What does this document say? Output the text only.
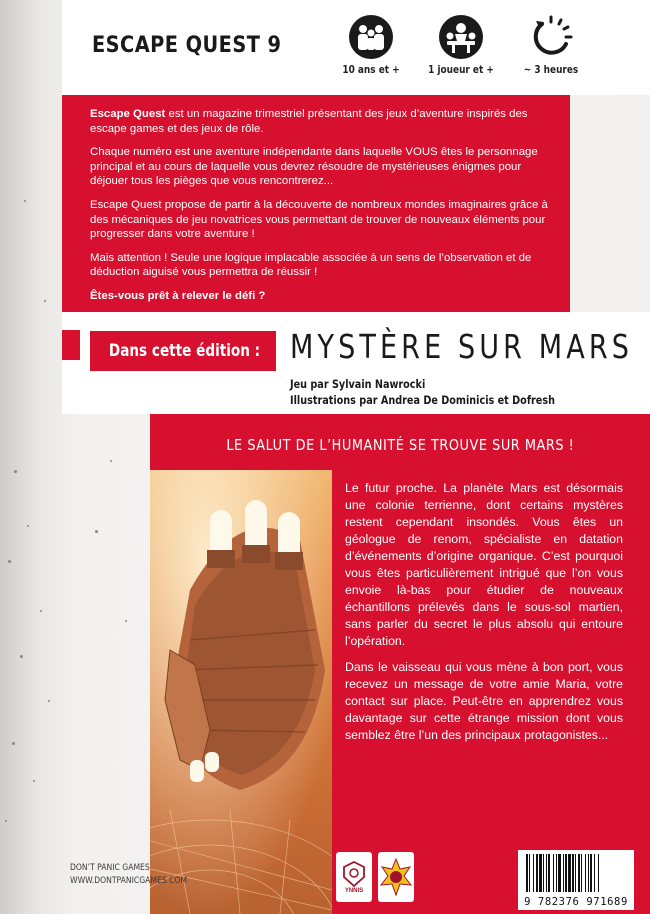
ESCAPE QUEST 9
10 ans et +	1 joueur et +	~ 3 heures

Escape Quest est un magazine trimestriel présentant des jeux d’aventure inspirés des escape games et des jeux de rôle.

Chaque numéro est une aventure indépendante dans laquelle VOUS êtes le personnage principal et au cours de laquelle vous devrez résoudre de mystérieuses énigmes pour déjouer tous les pièges que vous rencontrerez...

Escape Quest propose de partir à la découverte de nombreux mondes imaginaires grâce à des mécaniques de jeu novatrices vous permettant de trouver de nouveaux éléments pour progresser dans votre aventure !

Mais attention ! Seule une logique implacable associée à un sens de l’observation et de déduction aiguisé vous permettra de réussir !

Êtes-vous prêt à relever le défi ?

Dans cette édition : MYSTÈRE SUR MARS
Jeu par Sylvain Nawrocki
Illustrations par Andrea De Dominicis et Dofresh
LE SALUT DE L’HUMANITÉ SE TROUVE SUR MARS !

Le futur proche. La planète Mars est désormais une colonie terrienne, dont certains mystères restent cependant insondés. Vous êtes un géologue de renom, spécialiste en datation d’événements d’origine organique. C’est pourquoi vous êtes particulièrement intrigué que l’on vous envoie là-bas pour étudier de nouveaux échantillons prélevés dans le sous-sol martien, sans parler du secret le plus absolu qui entoure l’opération.

Dans le vaisseau qui vous mène à bon port, vous recevez un message de votre amie Maria, votre contact sur place. Peut-être en apprendrez vous davantage sur cette étrange mission dont vous semblez être l’un des principaux protagonistes...

DON’T PANIC GAMES
WWW.DONTPANICGAMES.COM
YNNIS
9 782376 971689
